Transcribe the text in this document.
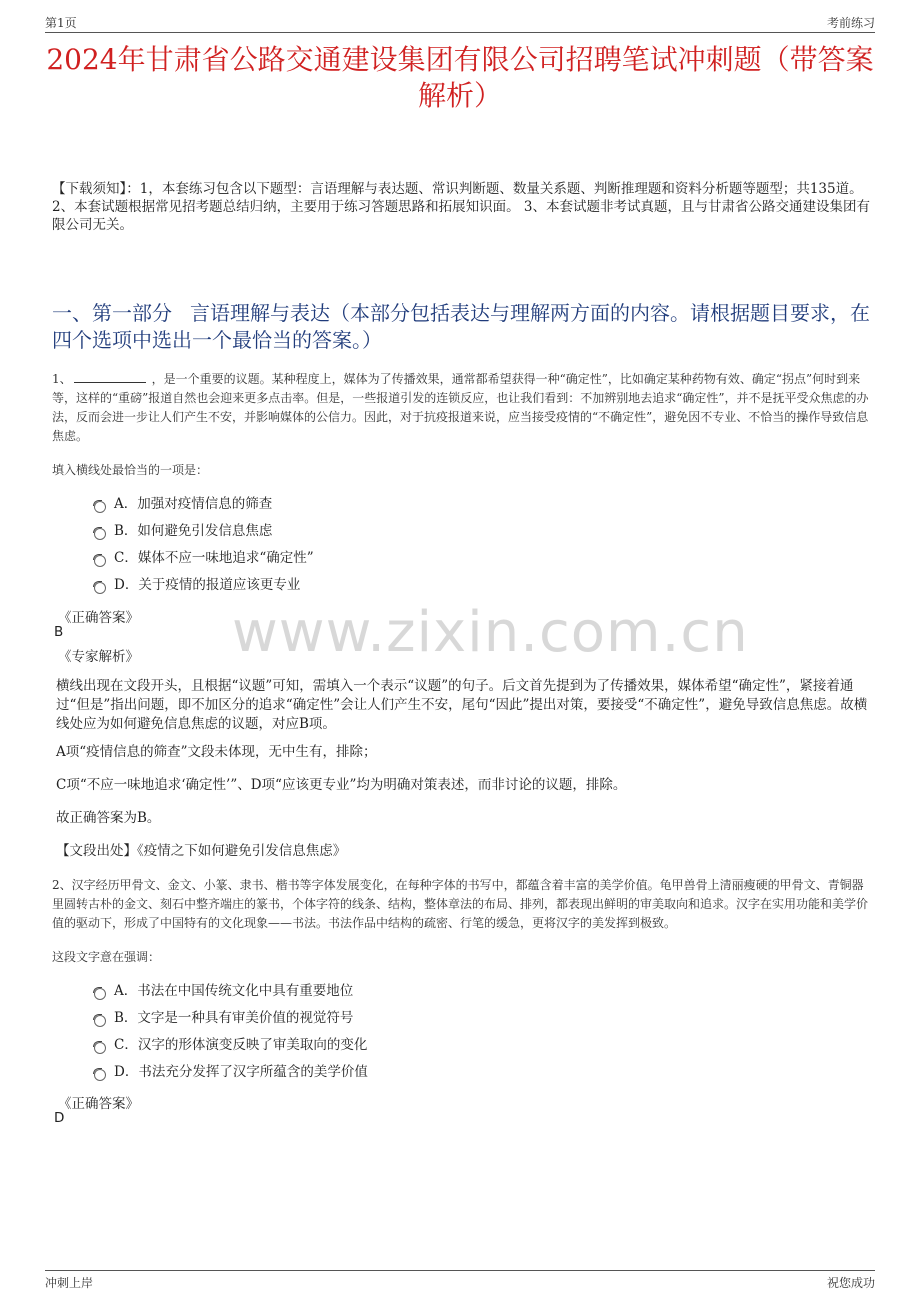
第1页	考前练习
2024年甘肃省公路交通建设集团有限公司招聘笔试冲刺题（带答案解析）
【下载须知】：1，本套练习包含以下题型：言语理解与表达题、常识判断题、数量关系题、判断推理题和资料分析题等题型；共135道。 2、本套试题根据常见招考题总结归纳，主要用于练习答题思路和拓展知识面。 3、本套试题非考试真题，且与甘肃省公路交通建设集团有限公司无关。
一、第一部分 言语理解与表达（本部分包括表达与理解两方面的内容。请根据题目要求，在四个选项中选出一个最恰当的答案。）
www.zixin.com.cn
1、	，是一个重要的议题。某种程度上，媒体为了传播效果，通常都希望获得一种“确定性”，比如确定某种药物有效、确定“拐点”何时到来等，这样的“重磅”报道自然也会迎来更多点击率。但是，一些报道引发的连锁反应，也让我们看到：不加辨别地去追求“确定性”，并不是抚平受众焦虑的办法，反而会进一步让人们产生不安，并影响媒体的公信力。因此，对于抗疫报道来说，应当接受疫情的“不确定性”，避免因不专业、不恰当的操作导致信息焦虑。
填入横线处最恰当的一项是：
A．加强对疫情信息的筛查
B．如何避免引发信息焦虑
C．媒体不应一味地追求“确定性”
D．关于疫情的报道应该更专业
《正确答案》
B
《专家解析》
横线出现在文段开头，且根据“议题”可知，需填入一个表示“议题”的句子。后文首先提到为了传播效果，媒体希望“确定性”，紧接着通过“但是”指出问题，即不加区分的追求“确定性”会让人们产生不安，尾句“因此”提出对策，要接受“不确定性”，避免导致信息焦虑。故横线处应为如何避免信息焦虑的议题，对应B项。
A项“疫情信息的筛查”文段未体现，无中生有，排除；
C项“不应一味地追求‘确定性’”、D项“应该更专业”均为明确对策表述，而非讨论的议题，排除。
故正确答案为B。
【文段出处】《疫情之下如何避免引发信息焦虑》
2、汉字经历甲骨文、金文、小篆、隶书、楷书等字体发展变化，在每种字体的书写中，都蕴含着丰富的美学价值。龟甲兽骨上清丽瘦硬的甲骨文、青铜器里圆转古朴的金文、刻石中整齐端庄的篆书，个体字符的线条、结构，整体章法的布局、排列，都表现出鲜明的审美取向和追求。汉字在实用功能和美学价值的驱动下，形成了中国特有的文化现象——书法。书法作品中结构的疏密、行笔的缓急，更将汉字的美发挥到极致。
这段文字意在强调：
A．书法在中国传统文化中具有重要地位
B．文字是一种具有审美价值的视觉符号
C．汉字的形体演变反映了审美取向的变化
D．书法充分发挥了汉字所蕴含的美学价值
《正确答案》
D
冲刺上岸	祝您成功
